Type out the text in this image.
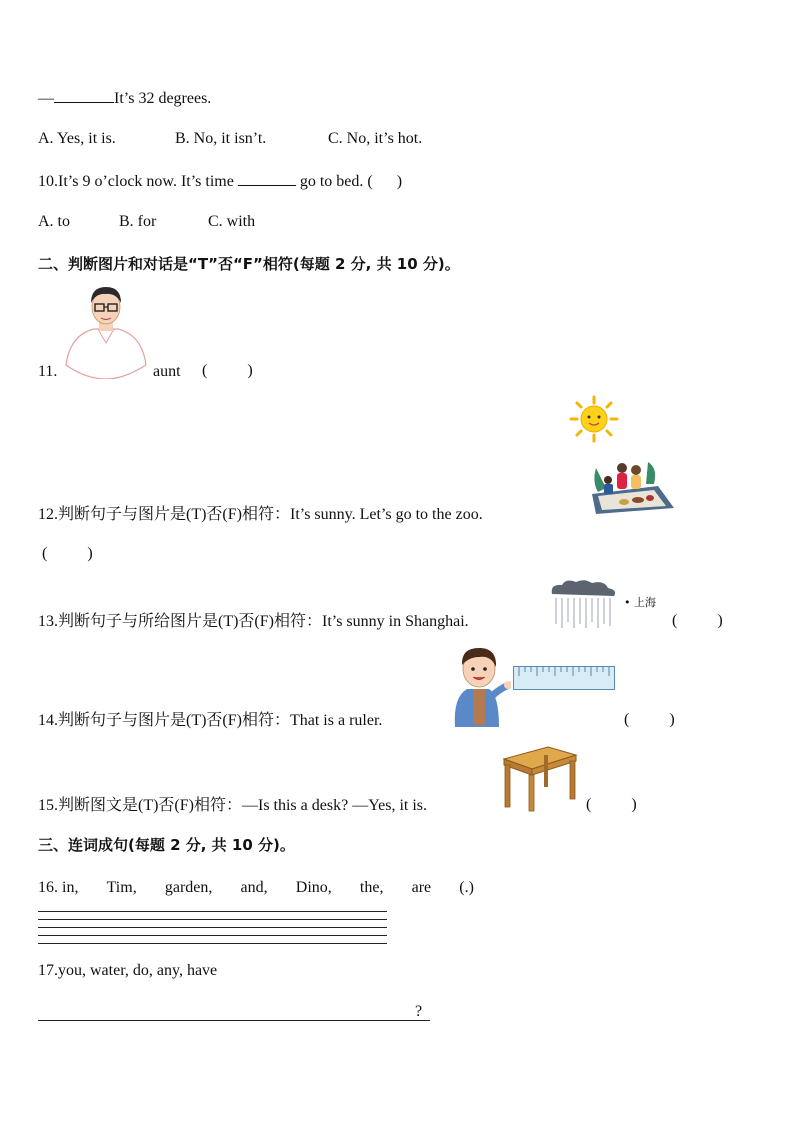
—	It’s 32 degrees.
A. Yes, it is.	B. No, it isn’t.	C. No, it’s hot.
10.It’s 9 o’clock now. It’s time	go to bed. (      )
A. to	B. for	C. with
二、判断图片和对话是“T”否“F”相符(每题 2 分, 共 10 分)。
11.	aunt (          )
12.判断句子与图片是(T)否(F)相符：It’s sunny. Let’s go to the zoo.
(          )
• 上海
13.判断句子与所给图片是(T)否(F)相符：It’s sunny in Shanghai.	(          )
14.判断句子与图片是(T)否(F)相符：That is a ruler.	(          )
15.判断图文是(T)否(F)相符：—Is this a desk? —Yes, it is.	(          )
三、连词成句(每题 2 分, 共 10 分)。
16. in, Tim, garden, and, Dino, the, are (.)
17.you, water, do, any, have
?
